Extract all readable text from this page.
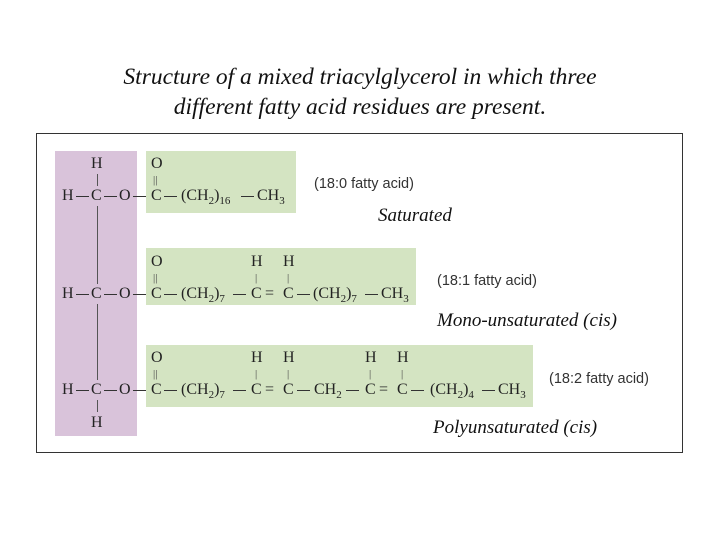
Structure of a mixed triacylglycerol in which three
different fatty acid residues are present.
H
H C O
H C O
H C O
H
O
||
C $(CH_2)_{16}$ $CH_3$
O
||
C $(CH_2)_7$
H
|
C =
H
|
C $(CH_2)_7$ $CH_3$
O
||
C $(CH_2)_7$
H
|
C =
H
|
C $CH_2$
H
|
C =
H
|
C $(CH_2)_4$ $CH_3$
(18:0 fatty acid)
Saturated
(18:1 fatty acid)
Mono-unsaturated (cis)
(18:2 fatty acid)
Polyunsaturated (cis)
